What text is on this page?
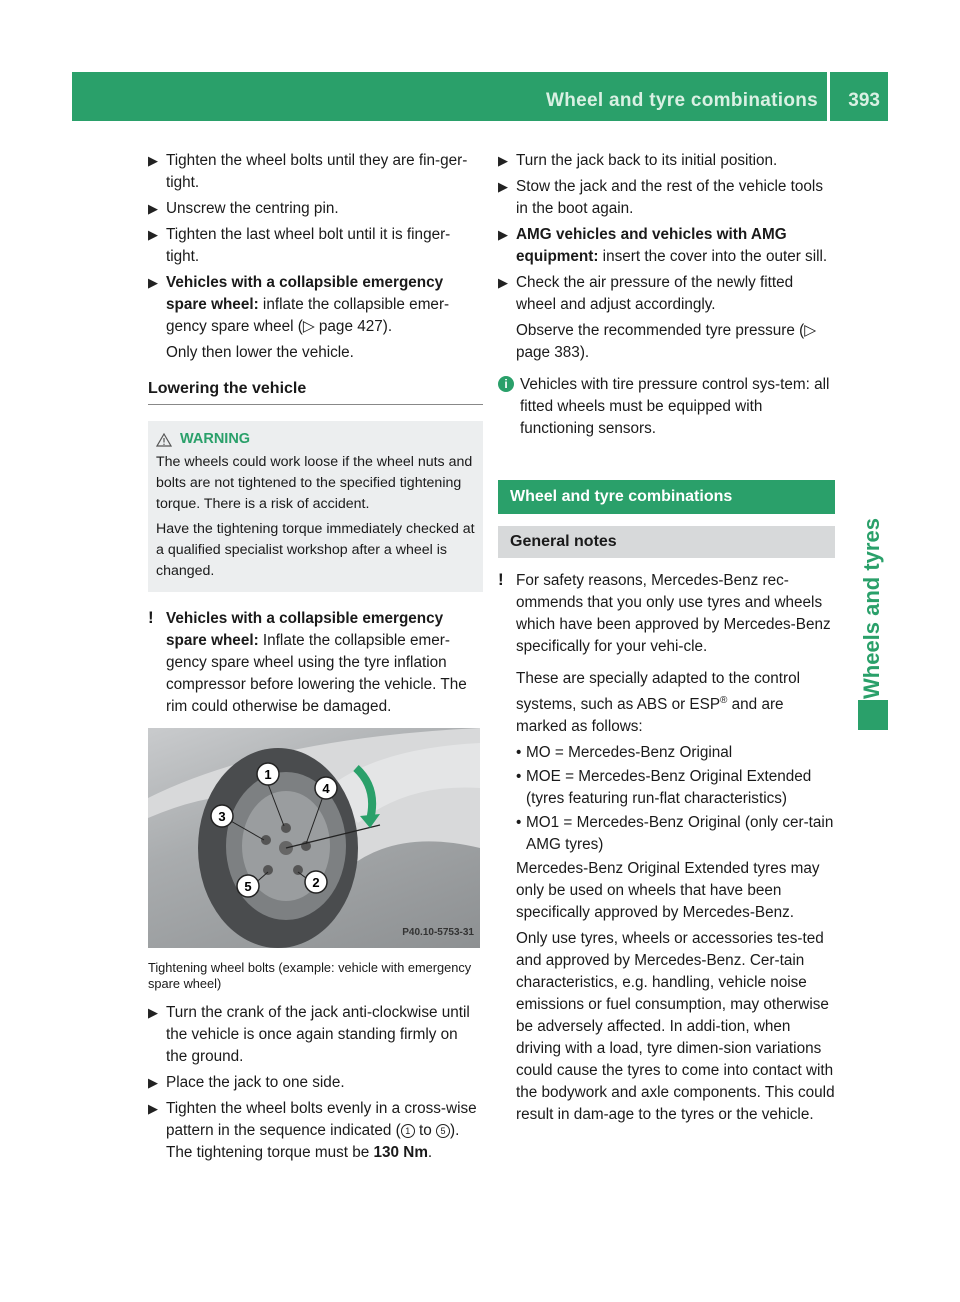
Wheel and tyre combinations 393
Wheels and tyres
▶ Tighten the wheel bolts until they are fin-ger-tight.
▶ Unscrew the centring pin.
▶ Tighten the last wheel bolt until it is finger-tight.
▶ Vehicles with a collapsible emergency spare wheel: inflate the collapsible emer-gency spare wheel (▷ page 427).
Only then lower the vehicle.
Lowering the vehicle
WARNING

The wheels could work loose if the wheel nuts and bolts are not tightened to the specified tightening torque. There is a risk of accident.

Have the tightening torque immediately checked at a qualified specialist workshop after a wheel is changed.

! Vehicles with a collapsible emergency spare wheel: Inflate the collapsible emer-gency spare wheel using the tyre inflation compressor before lowering the vehicle. The rim could otherwise be damaged.
1
2
3
4
5
P40.10-5753-31
Tightening wheel bolts (example: vehicle with emergency spare wheel)
▶ Turn the crank of the jack anti-clockwise until the vehicle is once again standing firmly on the ground.
▶ Place the jack to one side.
▶ Tighten the wheel bolts evenly in a cross-wise pattern in the sequence indicated ( 1 to 5 ). The tightening torque must be 130 Nm.
▶ Turn the jack back to its initial position.
▶ Stow the jack and the rest of the vehicle tools in the boot again.
▶ AMG vehicles and vehicles with AMG equipment: insert the cover into the outer sill.
▶ Check the air pressure of the newly fitted wheel and adjust accordingly.
Observe the recommended tyre pressure (▷ page 383).
i Vehicles with tire pressure control sys-tem: all fitted wheels must be equipped with functioning sensors.
Wheel and tyre combinations
General notes
! For safety reasons, Mercedes-Benz rec-ommends that you only use tyres and wheels which have been approved by Mercedes-Benz specifically for your vehi-cle.
These are specially adapted to the control systems, such as ABS or ESP® and are marked as follows:
• MO = Mercedes-Benz Original
• MOE = Mercedes-Benz Original Extended (tyres featuring run-flat characteristics)
• MO1 = Mercedes-Benz Original (only cer-tain AMG tyres)
Mercedes-Benz Original Extended tyres may only be used on wheels that have been specifically approved by Mercedes-Benz.
Only use tyres, wheels or accessories tes-ted and approved by Mercedes-Benz. Cer-tain characteristics, e.g. handling, vehicle noise emissions or fuel consumption, may otherwise be adversely affected. In addi-tion, when driving with a load, tyre dimen-sion variations could cause the tyres to come into contact with the bodywork and axle components. This could result in dam-age to the tyres or the vehicle.
